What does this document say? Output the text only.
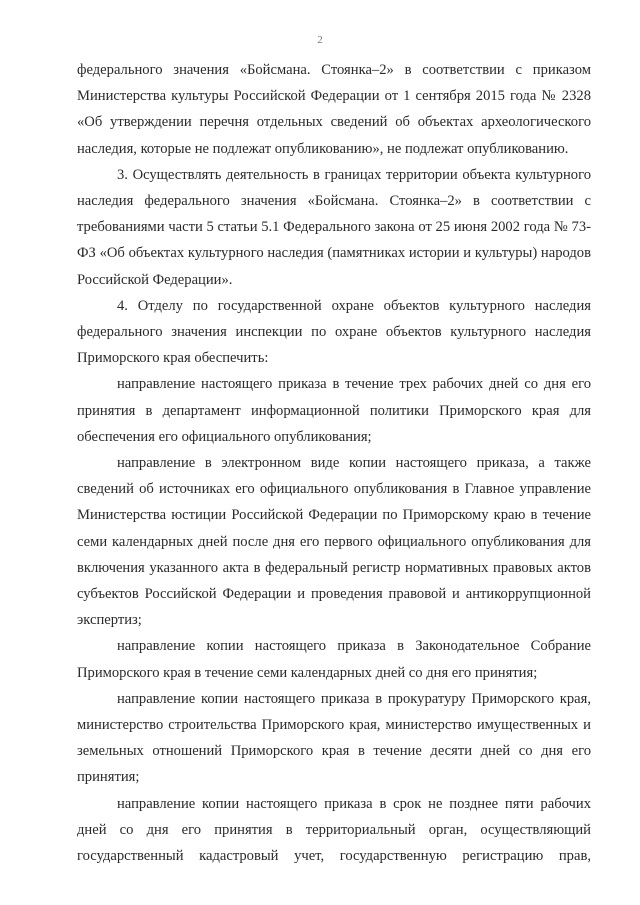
2

федерального значения «Бойсмана. Стоянка–2» в соответствии с приказом Министерства культуры Российской Федерации от 1 сентября 2015 года № 2328 «Об утверждении перечня отдельных сведений об объектах археологического наследия, которые не подлежат опубликованию», не подлежат опубликованию.

3. Осуществлять деятельность в границах территории объекта культурного наследия федерального значения «Бойсмана. Стоянка–2» в соответствии с требованиями части 5 статьи 5.1 Федерального закона от 25 июня 2002 года № 73-ФЗ «Об объектах культурного наследия (памятниках истории и культуры) народов Российской Федерации».

4. Отделу по государственной охране объектов культурного наследия федерального значения инспекции по охране объектов культурного наследия Приморского края обеспечить:

направление настоящего приказа в течение трех рабочих дней со дня его принятия в департамент информационной политики Приморского края для обеспечения его официального опубликования;

направление в электронном виде копии настоящего приказа, а также сведений об источниках его официального опубликования в Главное управление Министерства юстиции Российской Федерации по Приморскому краю в течение семи календарных дней после дня его первого официального опубликования для включения указанного акта в федеральный регистр нормативных правовых актов субъектов Российской Федерации и проведения правовой и антикоррупционной экспертиз;

направление копии настоящего приказа в Законодательное Собрание Приморского края в течение семи календарных дней со дня его принятия;

направление копии настоящего приказа в прокуратуру Приморского края, министерство строительства Приморского края, министерство имущественных и земельных отношений Приморского края в течение десяти дней со дня его принятия;

направление копии настоящего приказа в срок не позднее пяти рабочих дней со дня его принятия в территориальный орган, осуществляющий государственный кадастровый учет, государственную регистрацию прав,
